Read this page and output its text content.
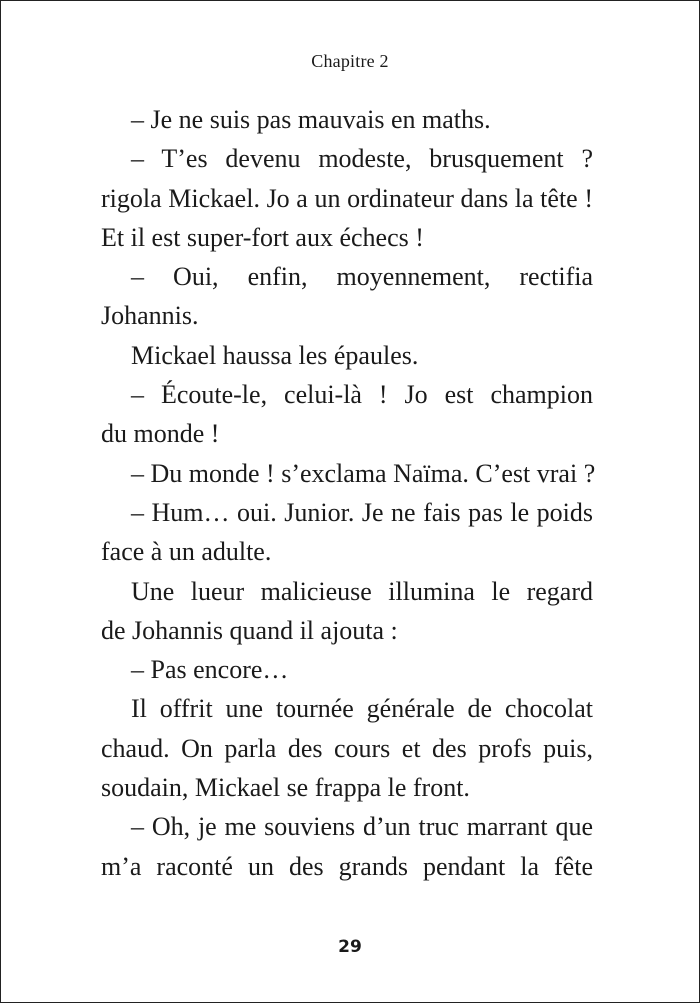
Chapitre 2
– Je ne suis pas mauvais en maths.
– T’es devenu modeste, brusquement ?
rigola Mickael. Jo a un ordinateur dans la tête !
Et il est super-fort aux échecs !
– Oui, enfin, moyennement, rectifia
Johannis.
Mickael haussa les épaules.
– Écoute-le, celui-là ! Jo est champion
du monde !
– Du monde ! s’exclama Naïma. C’est vrai ?
– Hum… oui. Junior. Je ne fais pas le poids
face à un adulte.
Une lueur malicieuse illumina le regard
de Johannis quand il ajouta :
– Pas encore…
Il offrit une tournée générale de chocolat
chaud. On parla des cours et des profs puis,
soudain, Mickael se frappa le front.
– Oh, je me souviens d’un truc marrant que
m’a raconté un des grands pendant la fête
29
